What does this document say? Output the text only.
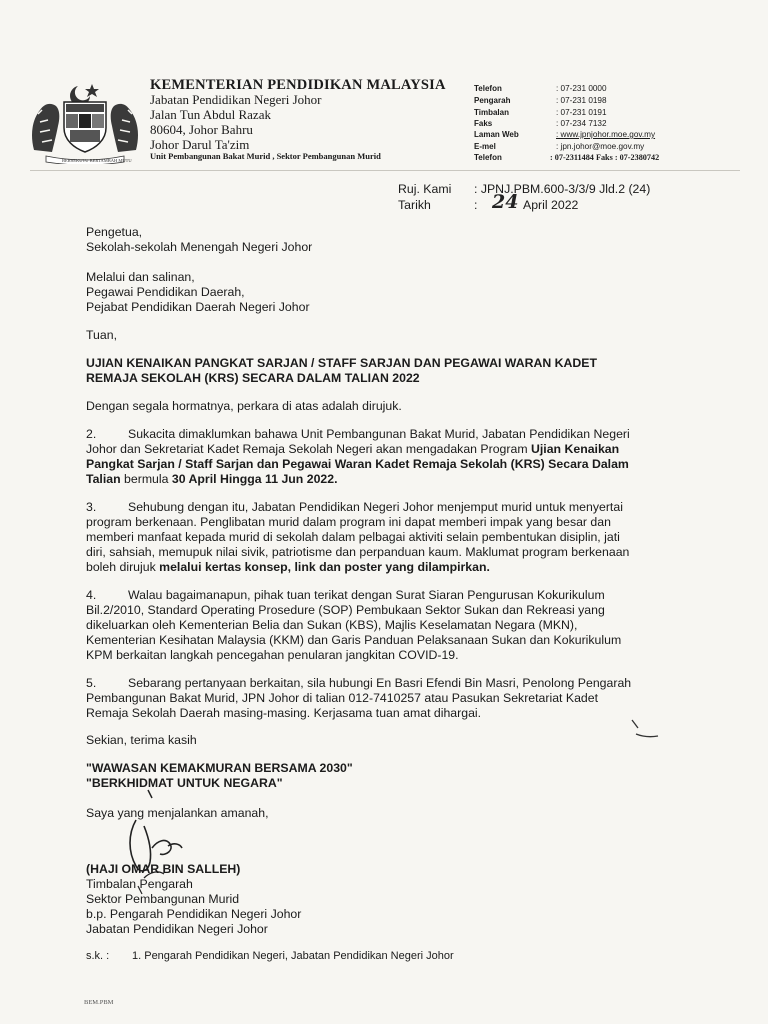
BERSEKUTU BERTAMBAH MUTU
KEMENTERIAN PENDIDIKAN MALAYSIA
Jabatan Pendidikan Negeri Johor
Jalan Tun Abdul Razak
80604, Johor Bahru
Johor Darul Ta'zim
Unit Pembangunan Bakat Murid , Sektor Pembangunan Murid
Telefon	: 07-231 0000
Pengarah	: 07-231 0198
Timbalan	: 07-231 0191
Faks	: 07-234 7132
Laman Web	: www.jpnjohor.moe.gov.my
E-mel	: jpn.johor@moe.gov.my
Telefon	: 07-2311484 Faks : 07-2380742
Ruj. Kami : JPNJ.PBM.600-3/3/9 Jld.2 (24)
Tarikh	: 24 April 2022
Pengetua,
Sekolah-sekolah Menengah Negeri Johor
Melalui dan salinan,
Pegawai Pendidikan Daerah,
Pejabat Pendidikan Daerah Negeri Johor
Tuan,
UJIAN KENAIKAN PANGKAT SARJAN / STAFF SARJAN DAN PEGAWAI WARAN KADET
REMAJA SEKOLAH (KRS) SECARA DALAM TALIAN 2022
Dengan segala hormatnya, perkara di atas adalah dirujuk.
2.	Sukacita dimaklumkan bahawa Unit Pembangunan Bakat Murid, Jabatan Pendidikan Negeri
Johor dan Sekretariat Kadet Remaja Sekolah Negeri akan mengadakan Program Ujian Kenaikan
Pangkat Sarjan / Staff Sarjan dan Pegawai Waran Kadet Remaja Sekolah (KRS) Secara Dalam
Talian bermula 30 April Hingga 11 Jun 2022.
3.	Sehubung dengan itu, Jabatan Pendidikan Negeri Johor menjemput murid untuk menyertai
program berkenaan. Penglibatan murid dalam program ini dapat memberi impak yang besar dan
memberi manfaat kepada murid di sekolah dalam pelbagai aktiviti selain pembentukan disiplin, jati
diri, sahsiah, memupuk nilai sivik, patriotisme dan perpanduan kaum. Maklumat program berkenaan
boleh dirujuk melalui kertas konsep, link dan poster yang dilampirkan.
4.	Walau bagaimanapun, pihak tuan terikat dengan Surat Siaran Pengurusan Kokurikulum
Bil.2/2010, Standard Operating Prosedure (SOP) Pembukaan Sektor Sukan dan Rekreasi yang
dikeluarkan oleh Kementerian Belia dan Sukan (KBS), Majlis Keselamatan Negara (MKN),
Kementerian Kesihatan Malaysia (KKM) dan Garis Panduan Pelaksanaan Sukan dan Kokurikulum
KPM berkaitan langkah pencegahan penularan jangkitan COVID-19.
5.	Sebarang pertanyaan berkaitan, sila hubungi En Basri Efendi Bin Masri, Penolong Pengarah
Pembangunan Bakat Murid, JPN Johor di talian 012-7410257 atau Pasukan Sekretariat Kadet
Remaja Sekolah Daerah masing-masing. Kerjasama tuan amat dihargai.
Sekian, terima kasih
"WAWASAN KEMAKMURAN BERSAMA 2030"
"BERKHIDMAT UNTUK NEGARA"
Saya yang menjalankan amanah,
(HAJI OMAR BIN SALLEH)
Timbalan Pengarah
Sektor Pembangunan Murid
b.p. Pengarah Pendidikan Negeri Johor
Jabatan Pendidikan Negeri Johor
s.k. : 1. Pengarah Pendidikan Negeri, Jabatan Pendidikan Negeri Johor
BEM.PBM
